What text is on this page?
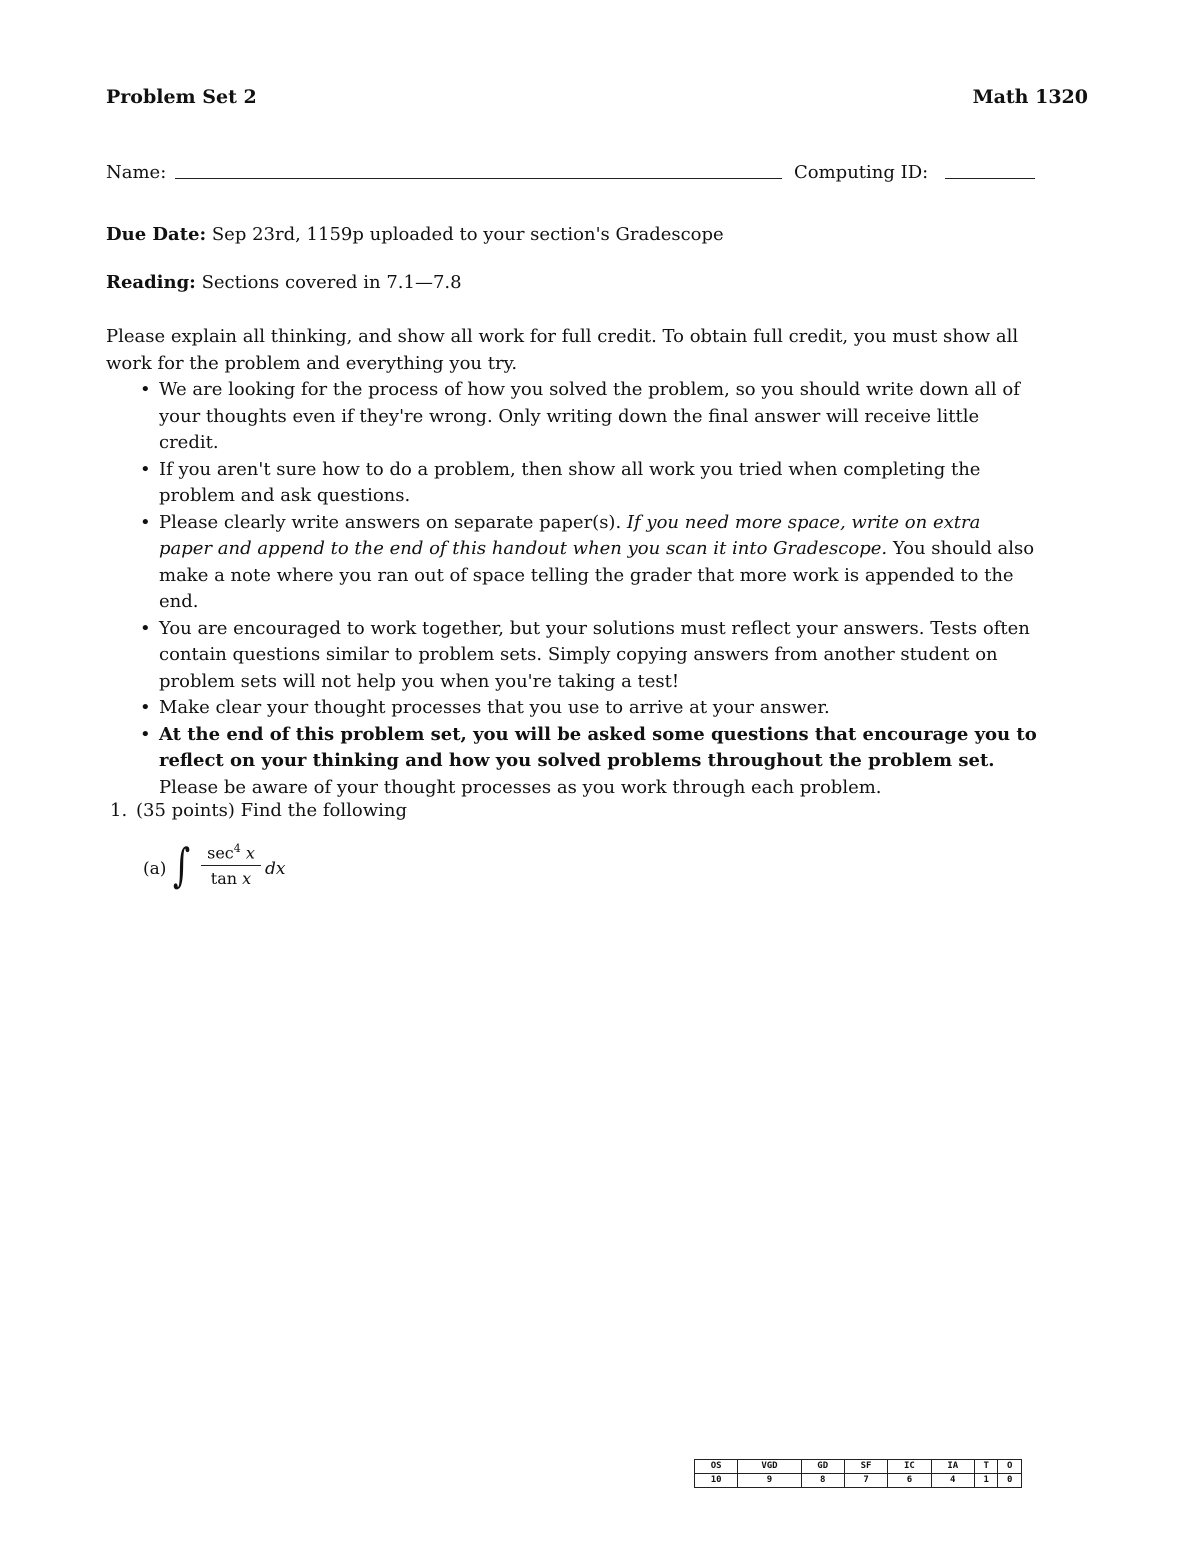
Problem Set 2	Math 1320
Name:	Computing ID:
Due Date: Sep 23rd, 1159p uploaded to your section's Gradescope
Reading: Sections covered in 7.1—7.8
Please explain all thinking, and show all work for full credit. To obtain full credit, you must show all work for the problem and everything you try.
• We are looking for the process of how you solved the problem, so you should write down all of your thoughts even if they're wrong. Only writing down the final answer will receive little credit.
• If you aren't sure how to do a problem, then show all work you tried when completing the problem and ask questions.
• Please clearly write answers on separate paper(s). If you need more space, write on extra paper and append to the end of this handout when you scan it into Gradescope. You should also make a note where you ran out of space telling the grader that more work is appended to the end.
• You are encouraged to work together, but your solutions must reflect your answers. Tests often contain questions similar to problem sets. Simply copying answers from another student on problem sets will not help you when you're taking a test!
• Make clear your thought processes that you use to arrive at your answer.
• At the end of this problem set, you will be asked some questions that encourage you to reflect on your thinking and how you solved problems throughout the problem set. Please be aware of your thought processes as you work through each problem.
1. (35 points) Find the following
(a) ∫	$\sec^4 x$
tan x dx
OS	VGD	GD	SF	IC	IA	T	O
10	9	8	7	6	4	1	0
